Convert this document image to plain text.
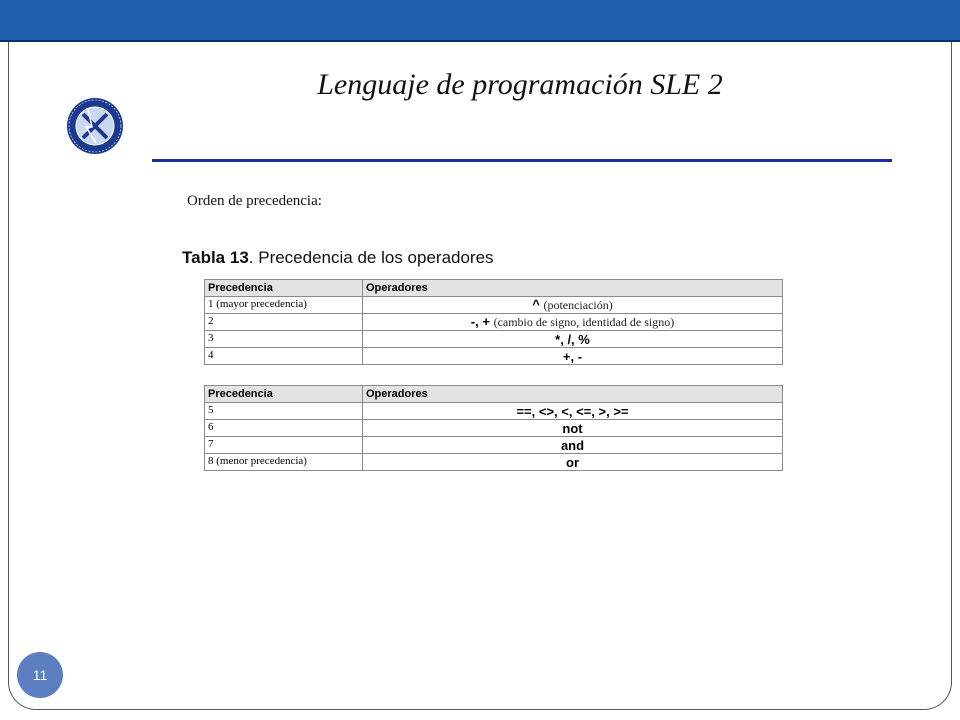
Lenguaje de programación SLE 2
Orden de precedencia:
Tabla 13. Precedencia de los operadores
Precedencia	Operadores
1 (mayor precedencia)	^ (potenciación)
2	-, + (cambio de signo, identidad de signo)
3	*, /, %
4	+, -
Precedencia	Operadores
5	==, <>, <, <=, >, >=
6	not
7	and
8 (menor precedencia)	or
11
